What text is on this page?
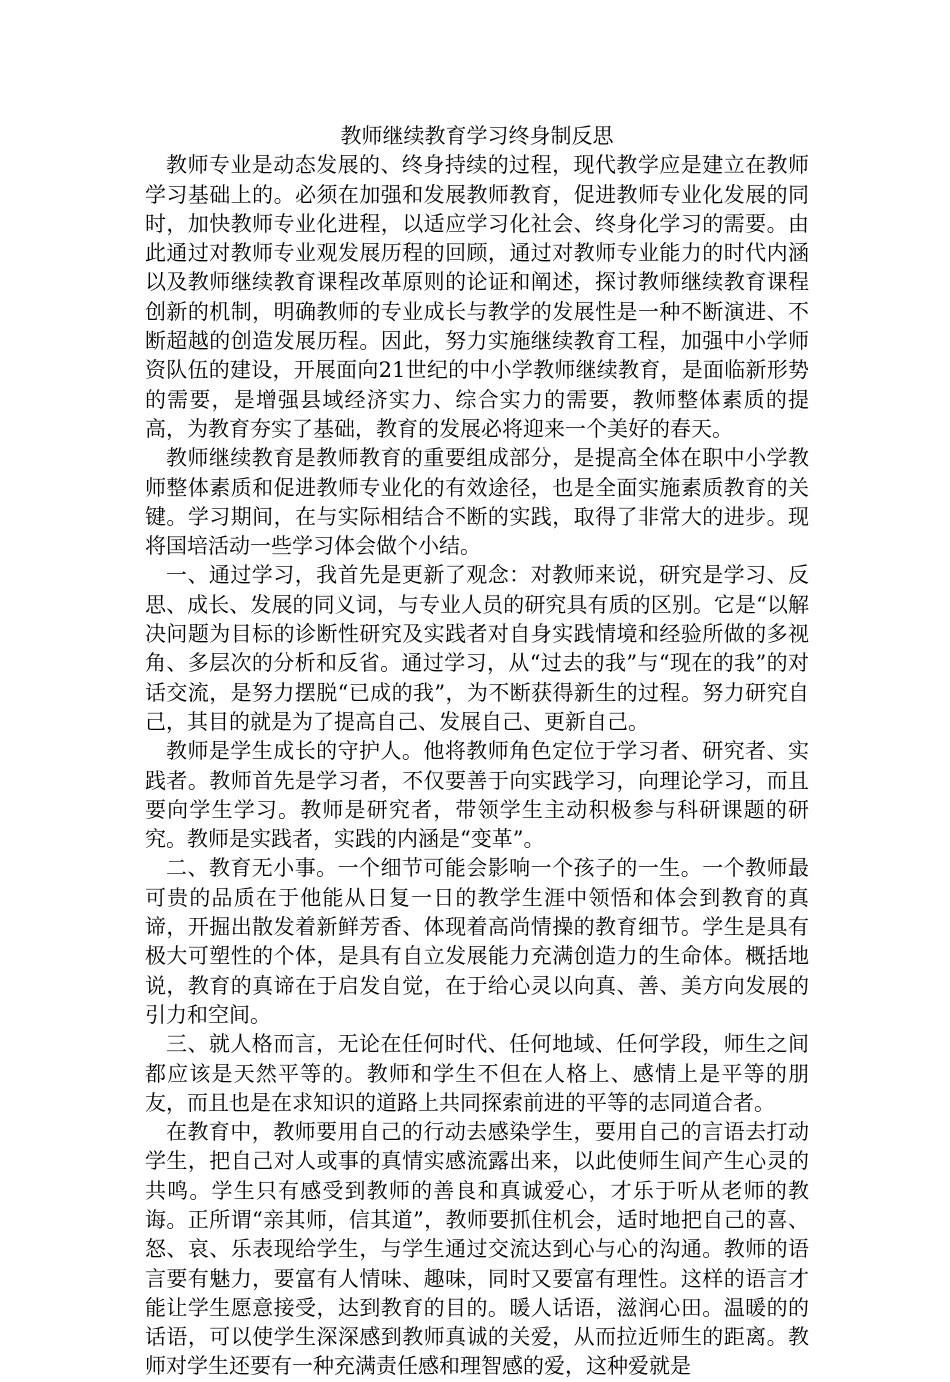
教师继续教育学习终身制反思

教师专业是动态发展的、终身持续的过程，现代教学应是建立在教师学习基础上的。必须在加强和发展教师教育，促进教师专业化发展的同时，加快教师专业化进程，以适应学习化社会、终身化学习的需要。由此通过对教师专业观发展历程的回顾，通过对教师专业能力的时代内涵以及教师继续教育课程改革原则的论证和阐述，探讨教师继续教育课程创新的机制，明确教师的专业成长与教学的发展性是一种不断演进、不断超越的创造发展历程。因此，努力实施继续教育工程，加强中小学师资队伍的建设，开展面向21世纪的中小学教师继续教育，是面临新形势的需要，是增强县域经济实力、综合实力的需要，教师整体素质的提高，为教育夯实了基础，教育的发展必将迎来一个美好的春天。

教师继续教育是教师教育的重要组成部分，是提高全体在职中小学教师整体素质和促进教师专业化的有效途径，也是全面实施素质教育的关键。学习期间，在与实际相结合不断的实践，取得了非常大的进步。现将国培活动一些学习体会做个小结。

一、通过学习，我首先是更新了观念：对教师来说，研究是学习、反思、成长、发展的同义词，与专业人员的研究具有质的区别。它是“以解决问题为目标的诊断性研究及实践者对自身实践情境和经验所做的多视角、多层次的分析和反省。通过学习，从“过去的我”与“现在的我”的对话交流，是努力摆脱“已成的我”，为不断获得新生的过程。努力研究自己，其目的就是为了提高自己、发展自己、更新自己。

教师是学生成长的守护人。他将教师角色定位于学习者、研究者、实践者。教师首先是学习者，不仅要善于向实践学习，向理论学习，而且要向学生学习。教师是研究者，带领学生主动积极参与科研课题的研究。教师是实践者，实践的内涵是“变革”。

二、教育无小事。一个细节可能会影响一个孩子的一生。一个教师最可贵的品质在于他能从日复一日的教学生涯中领悟和体会到教育的真谛，开掘出散发着新鲜芳香、体现着高尚情操的教育细节。学生是具有极大可塑性的个体，是具有自立发展能力充满创造力的生命体。概括地说，教育的真谛在于启发自觉，在于给心灵以向真、善、美方向发展的引力和空间。

三、就人格而言，无论在任何时代、任何地域、任何学段，师生之间都应该是天然平等的。教师和学生不但在人格上、感情上是平等的朋友，而且也是在求知识的道路上共同探索前进的平等的志同道合者。

在教育中，教师要用自己的行动去感染学生，要用自己的言语去打动学生，把自己对人或事的真情实感流露出来，以此使师生间产生心灵的共鸣。学生只有感受到教师的善良和真诚爱心，才乐于听从老师的教诲。正所谓“亲其师，信其道”，教师要抓住机会，适时地把自己的喜、怒、哀、乐表现给学生，与学生通过交流达到心与心的沟通。教师的语言要有魅力，要富有人情味、趣味，同时又要富有理性。这样的语言才能让学生愿意接受，达到教育的目的。暖人话语，滋润心田。温暖的的话语，可以使学生深深感到教师真诚的关爱，从而拉近师生的距离。教师对学生还要有一种充满责任感和理智感的爱，这种爱就是
